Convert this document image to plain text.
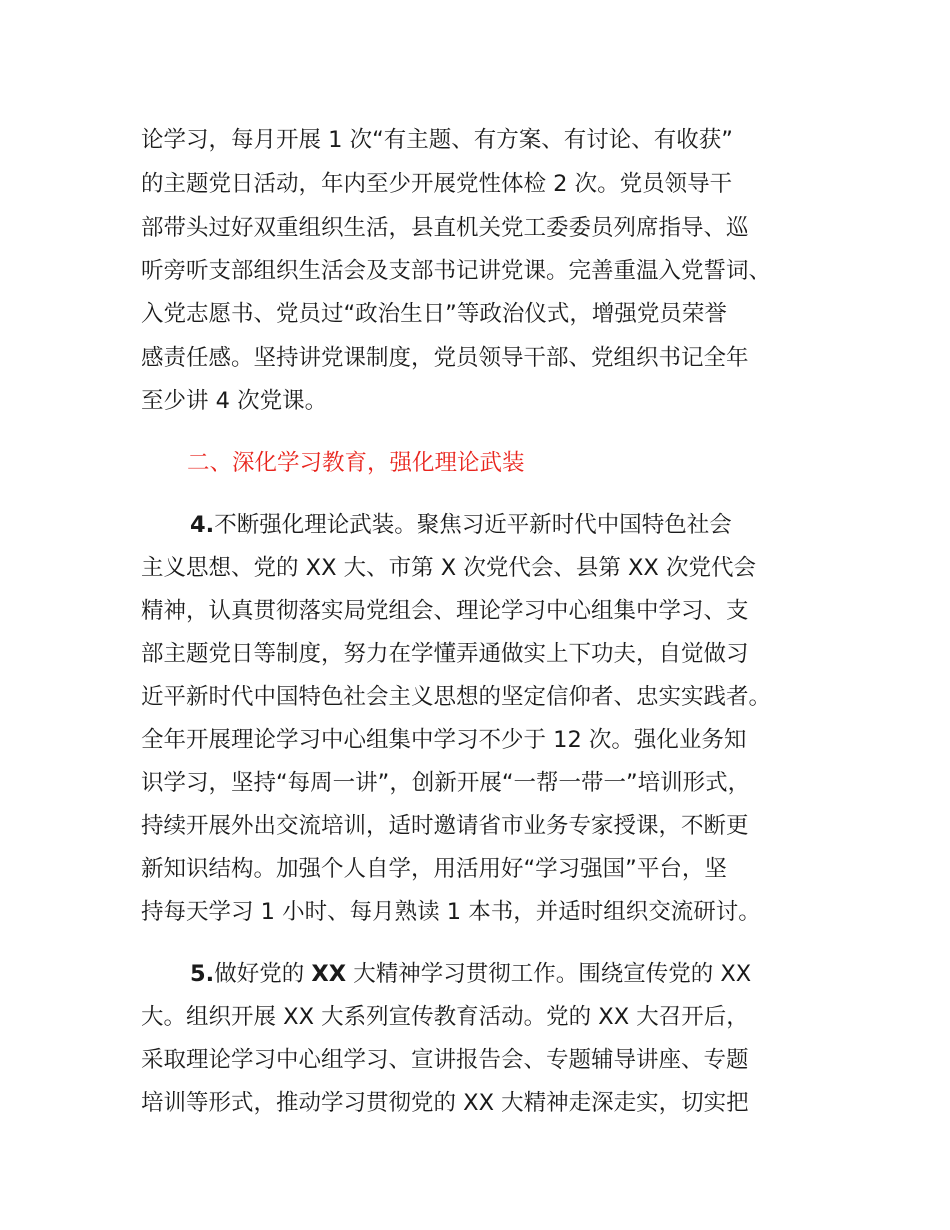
论学习，每月开展 1 次“有主题、有方案、有讨论、有收获”
的主题党日活动，年内至少开展党性体检 2 次。党员领导干
部带头过好双重组织生活，县直机关党工委委员列席指导、巡
听旁听支部组织生活会及支部书记讲党课。完善重温入党誓词、
入党志愿书、党员过“政治生日”等政治仪式，增强党员荣誉
感责任感。坚持讲党课制度，党员领导干部、党组织书记全年
至少讲 4 次党课。
二、深化学习教育，强化理论武装
4.不断强化理论武装。聚焦习近平新时代中国特色社会
主义思想、党的 XX 大、市第 X 次党代会、县第 XX 次党代会
精神，认真贯彻落实局党组会、理论学习中心组集中学习、支
部主题党日等制度，努力在学懂弄通做实上下功夫，自觉做习
近平新时代中国特色社会主义思想的坚定信仰者、忠实实践者。
全年开展理论学习中心组集中学习不少于 12 次。强化业务知
识学习，坚持“每周一讲”，创新开展“一帮一带一”培训形式，
持续开展外出交流培训，适时邀请省市业务专家授课，不断更
新知识结构。加强个人自学，用活用好“学习强国”平台，坚
持每天学习 1 小时、每月熟读 1 本书，并适时组织交流研讨。
5.做好党的 XX 大精神学习贯彻工作。围绕宣传党的 XX
大。组织开展 XX 大系列宣传教育活动。党的 XX 大召开后，
采取理论学习中心组学习、宣讲报告会、专题辅导讲座、专题
培训等形式，推动学习贯彻党的 XX 大精神走深走实，切实把
